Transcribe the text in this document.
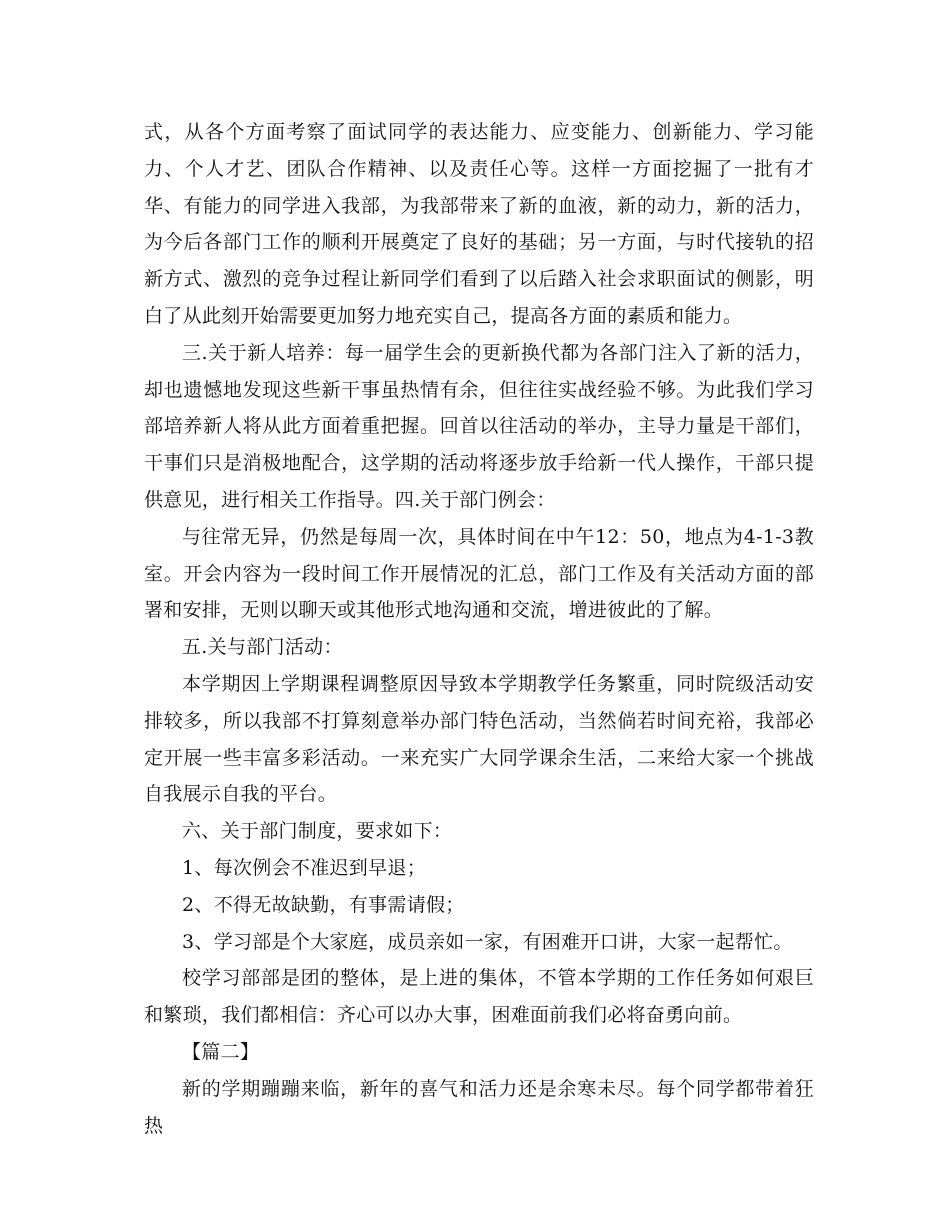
式，从各个方面考察了面试同学的表达能力、应变能力、创新能力、学习能力、个人才艺、团队合作精神、以及责任心等。这样一方面挖掘了一批有才华、有能力的同学进入我部，为我部带来了新的血液，新的动力，新的活力，为今后各部门工作的顺利开展奠定了良好的基础；另一方面，与时代接轨的招新方式、激烈的竞争过程让新同学们看到了以后踏入社会求职面试的侧影，明白了从此刻开始需要更加努力地充实自己，提高各方面的素质和能力。

三.关于新人培养：每一届学生会的更新换代都为各部门注入了新的活力，却也遗憾地发现这些新干事虽热情有余，但往往实战经验不够。为此我们学习部培养新人将从此方面着重把握。回首以往活动的举办，主导力量是干部们，干事们只是消极地配合，这学期的活动将逐步放手给新一代人操作，干部只提供意见，进行相关工作指导。四.关于部门例会：

与往常无异，仍然是每周一次，具体时间在中午12：50，地点为4-1-3教室。开会内容为一段时间工作开展情况的汇总，部门工作及有关活动方面的部署和安排，无则以聊天或其他形式地沟通和交流，增进彼此的了解。

五.关与部门活动：

本学期因上学期课程调整原因导致本学期教学任务繁重，同时院级活动安排较多，所以我部不打算刻意举办部门特色活动，当然倘若时间充裕，我部必定开展一些丰富多彩活动。一来充实广大同学课余生活，二来给大家一个挑战自我展示自我的平台。

六、关于部门制度，要求如下：

1、每次例会不准迟到早退；

2、不得无故缺勤，有事需请假；

3、学习部是个大家庭，成员亲如一家，有困难开口讲，大家一起帮忙。

校学习部部是团的整体，是上进的集体，不管本学期的工作任务如何艰巨和繁琐，我们都相信：齐心可以办大事，困难面前我们必将奋勇向前。

【篇二】

新的学期蹦蹦来临，新年的喜气和活力还是余寒未尽。每个同学都带着狂热
